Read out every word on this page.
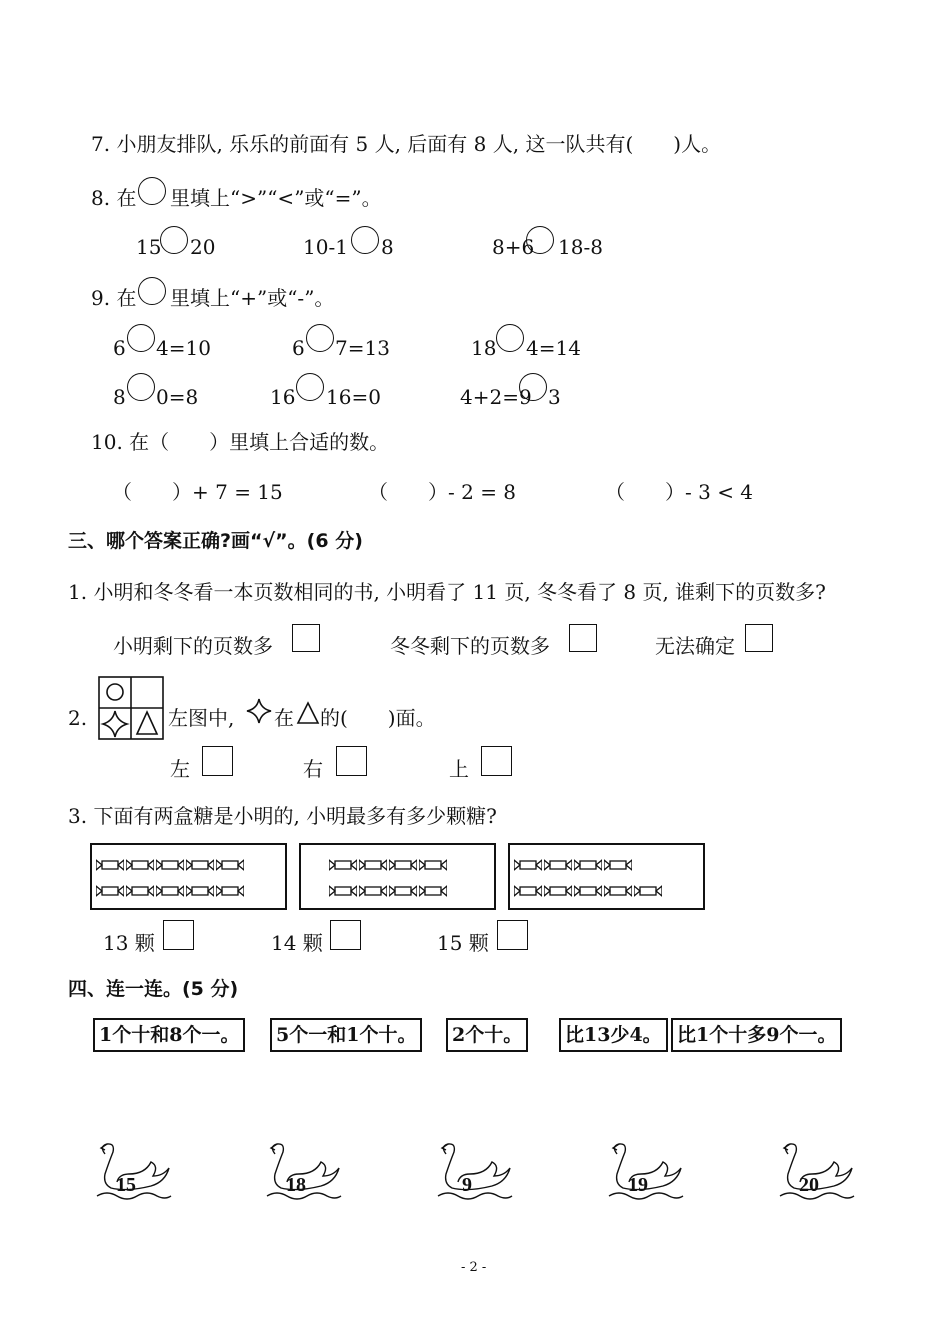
7. 小朋友排队, 乐乐的前面有 5 人, 后面有 8 人, 这一队共有(　　)人。
8. 在 里填上“>”“<”或“=”。
15 20	10-1 8	8+6 18-8
9. 在 里填上“+”或“-”。
6 4=10	6 7=13	18 4=14
8 0=8	16 16=0	4+2=9 3
10. 在（　　）里填上合适的数。
（　　）+ 7 = 15	（　　）- 2 = 8	（　　）- 3 < 4
三、哪个答案正确?画“√”。(6 分)
1. 小明和冬冬看一本页数相同的书, 小明看了 11 页, 冬冬看了 8 页, 谁剩下的页数多?
小明剩下的页数多	冬冬剩下的页数多	无法确定
2.	左图中, 在 的(　　)面。
左	右	上
3. 下面有两盒糖是小明的, 小明最多有多少颗糖?
13 颗	14 颗	15 颗
四、连一连。(5 分)
1个十和8个一。	5个一和1个十。	2个十。	比13少4。 比1个十多9个一。
15	18	9	19	20
- 2 -
